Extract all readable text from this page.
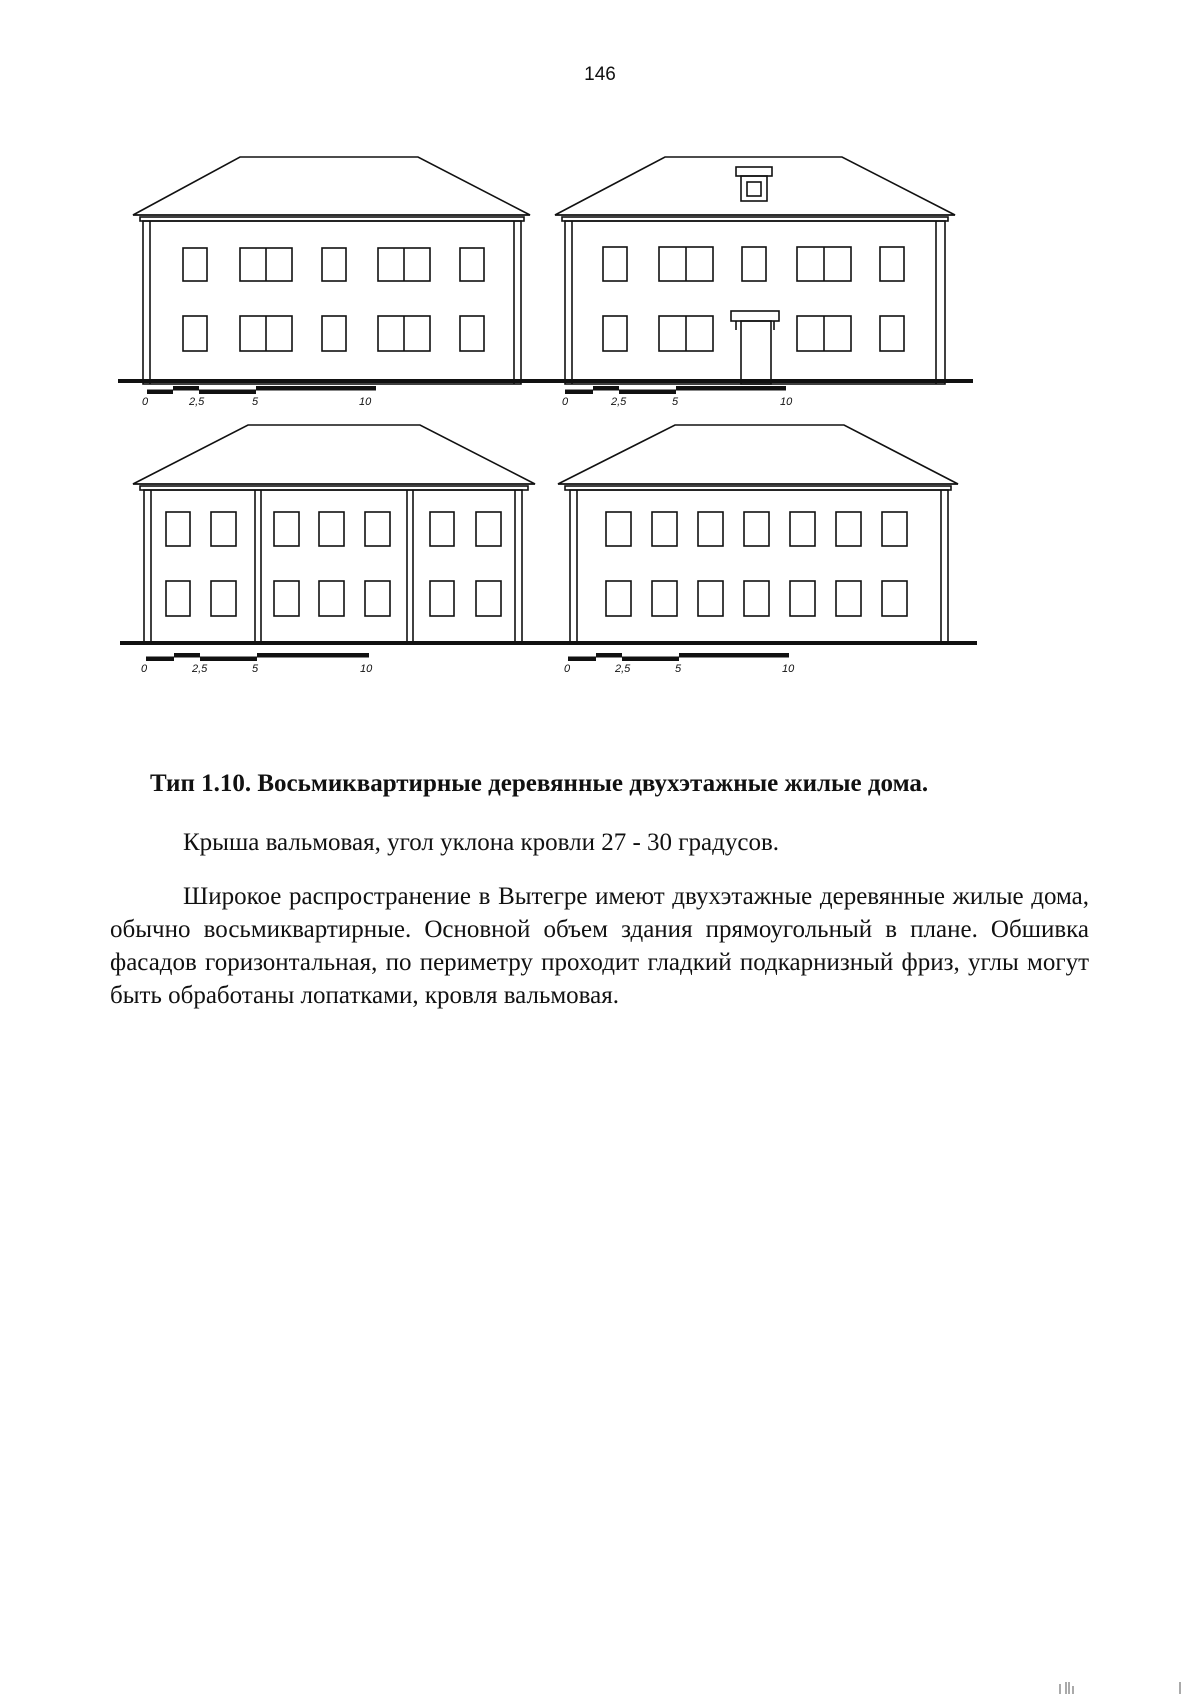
146
0	2,5	5	10	0	2,5	5	10
0	2,5	5	10	0	2,5	5	10
Тип 1.10. Восьмиквартирные деревянные двухэтажные жилые дома.

Крыша вальмовая, угол уклона кровли 27 - 30 градусов.

Широкое распространение в Вытегре имеют двухэтажные деревянные жилые дома, обычно восьмиквартирные. Основной объем здания прямоугольный в плане. Обшивка фасадов горизонтальная, по периметру проходит гладкий подкарнизный фриз, углы могут быть обработаны лопатками, кровля вальмовая.
